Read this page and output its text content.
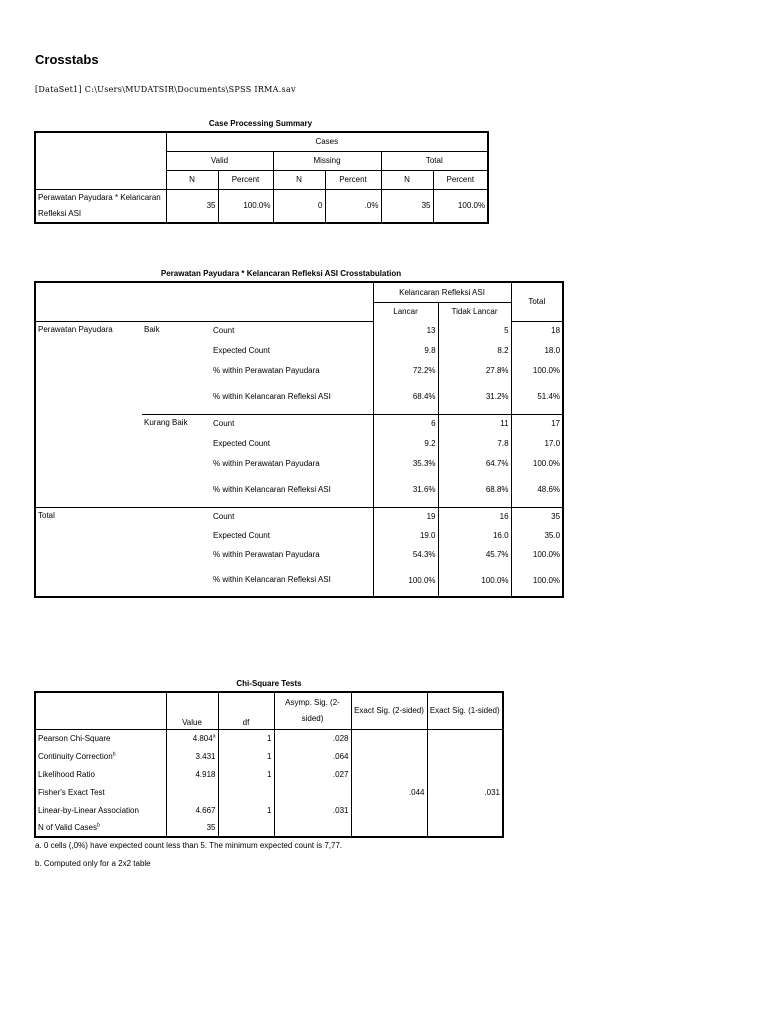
Crosstabs
[DataSet1] C:\Users\MUDATSIR\Documents\SPSS IRMA.sav
Case Processing Summary
	Cases					
	Valid		Missing		Total	
	N	Percent	N	Percent	N	Percent
Perawatan Payudara * Kelancaran Refleksi ASI	35	100.0%	0	.0%	35	100.0%
Perawatan Payudara * Kelancaran Refleksi ASI Crosstabulation
			Kelancaran Refleksi ASI		Total
			Lancar	Tidak Lancar	
Perawatan Payudara	Baik	Count	13	5	18
		Expected Count	9.8	8.2	18.0
		% within Perawatan Payudara	72.2%	27.8%	100.0%
		% within Kelancaran Refleksi ASI	68.4%	31.2%	51.4%
	Kurang Baik	Count	6	11	17
		Expected Count	9.2	7.8	17.0
		% within Perawatan Payudara	35.3%	64.7%	100.0%
		% within Kelancaran Refleksi ASI	31.6%	68.8%	48.6%
Total		Count	19	16	35
		Expected Count	19.0	16.0	35.0
		% within Perawatan Payudara	54.3%	45.7%	100.0%
		% within Kelancaran Refleksi ASI	100.0%	100.0%	100.0%
Chi-Square Tests
	Value	df	Asymp. Sig. (2-sided)	Exact Sig. (2-sided)	Exact Sig. (1-sided)
Pearson Chi-Square	4.804$^a$	1	.028		
Continuity Correction$^b$	3.431	1	.064		
Likelihood Ratio	4.918	1	.027		
Fisher's Exact Test				.044	.031
Linear-by-Linear Association	4.667	1	.031		
N of Valid Cases$^b$	35				
a. 0 cells (,0%) have expected count less than 5. The minimum expected count is 7,77.
b. Computed only for a 2x2 table
